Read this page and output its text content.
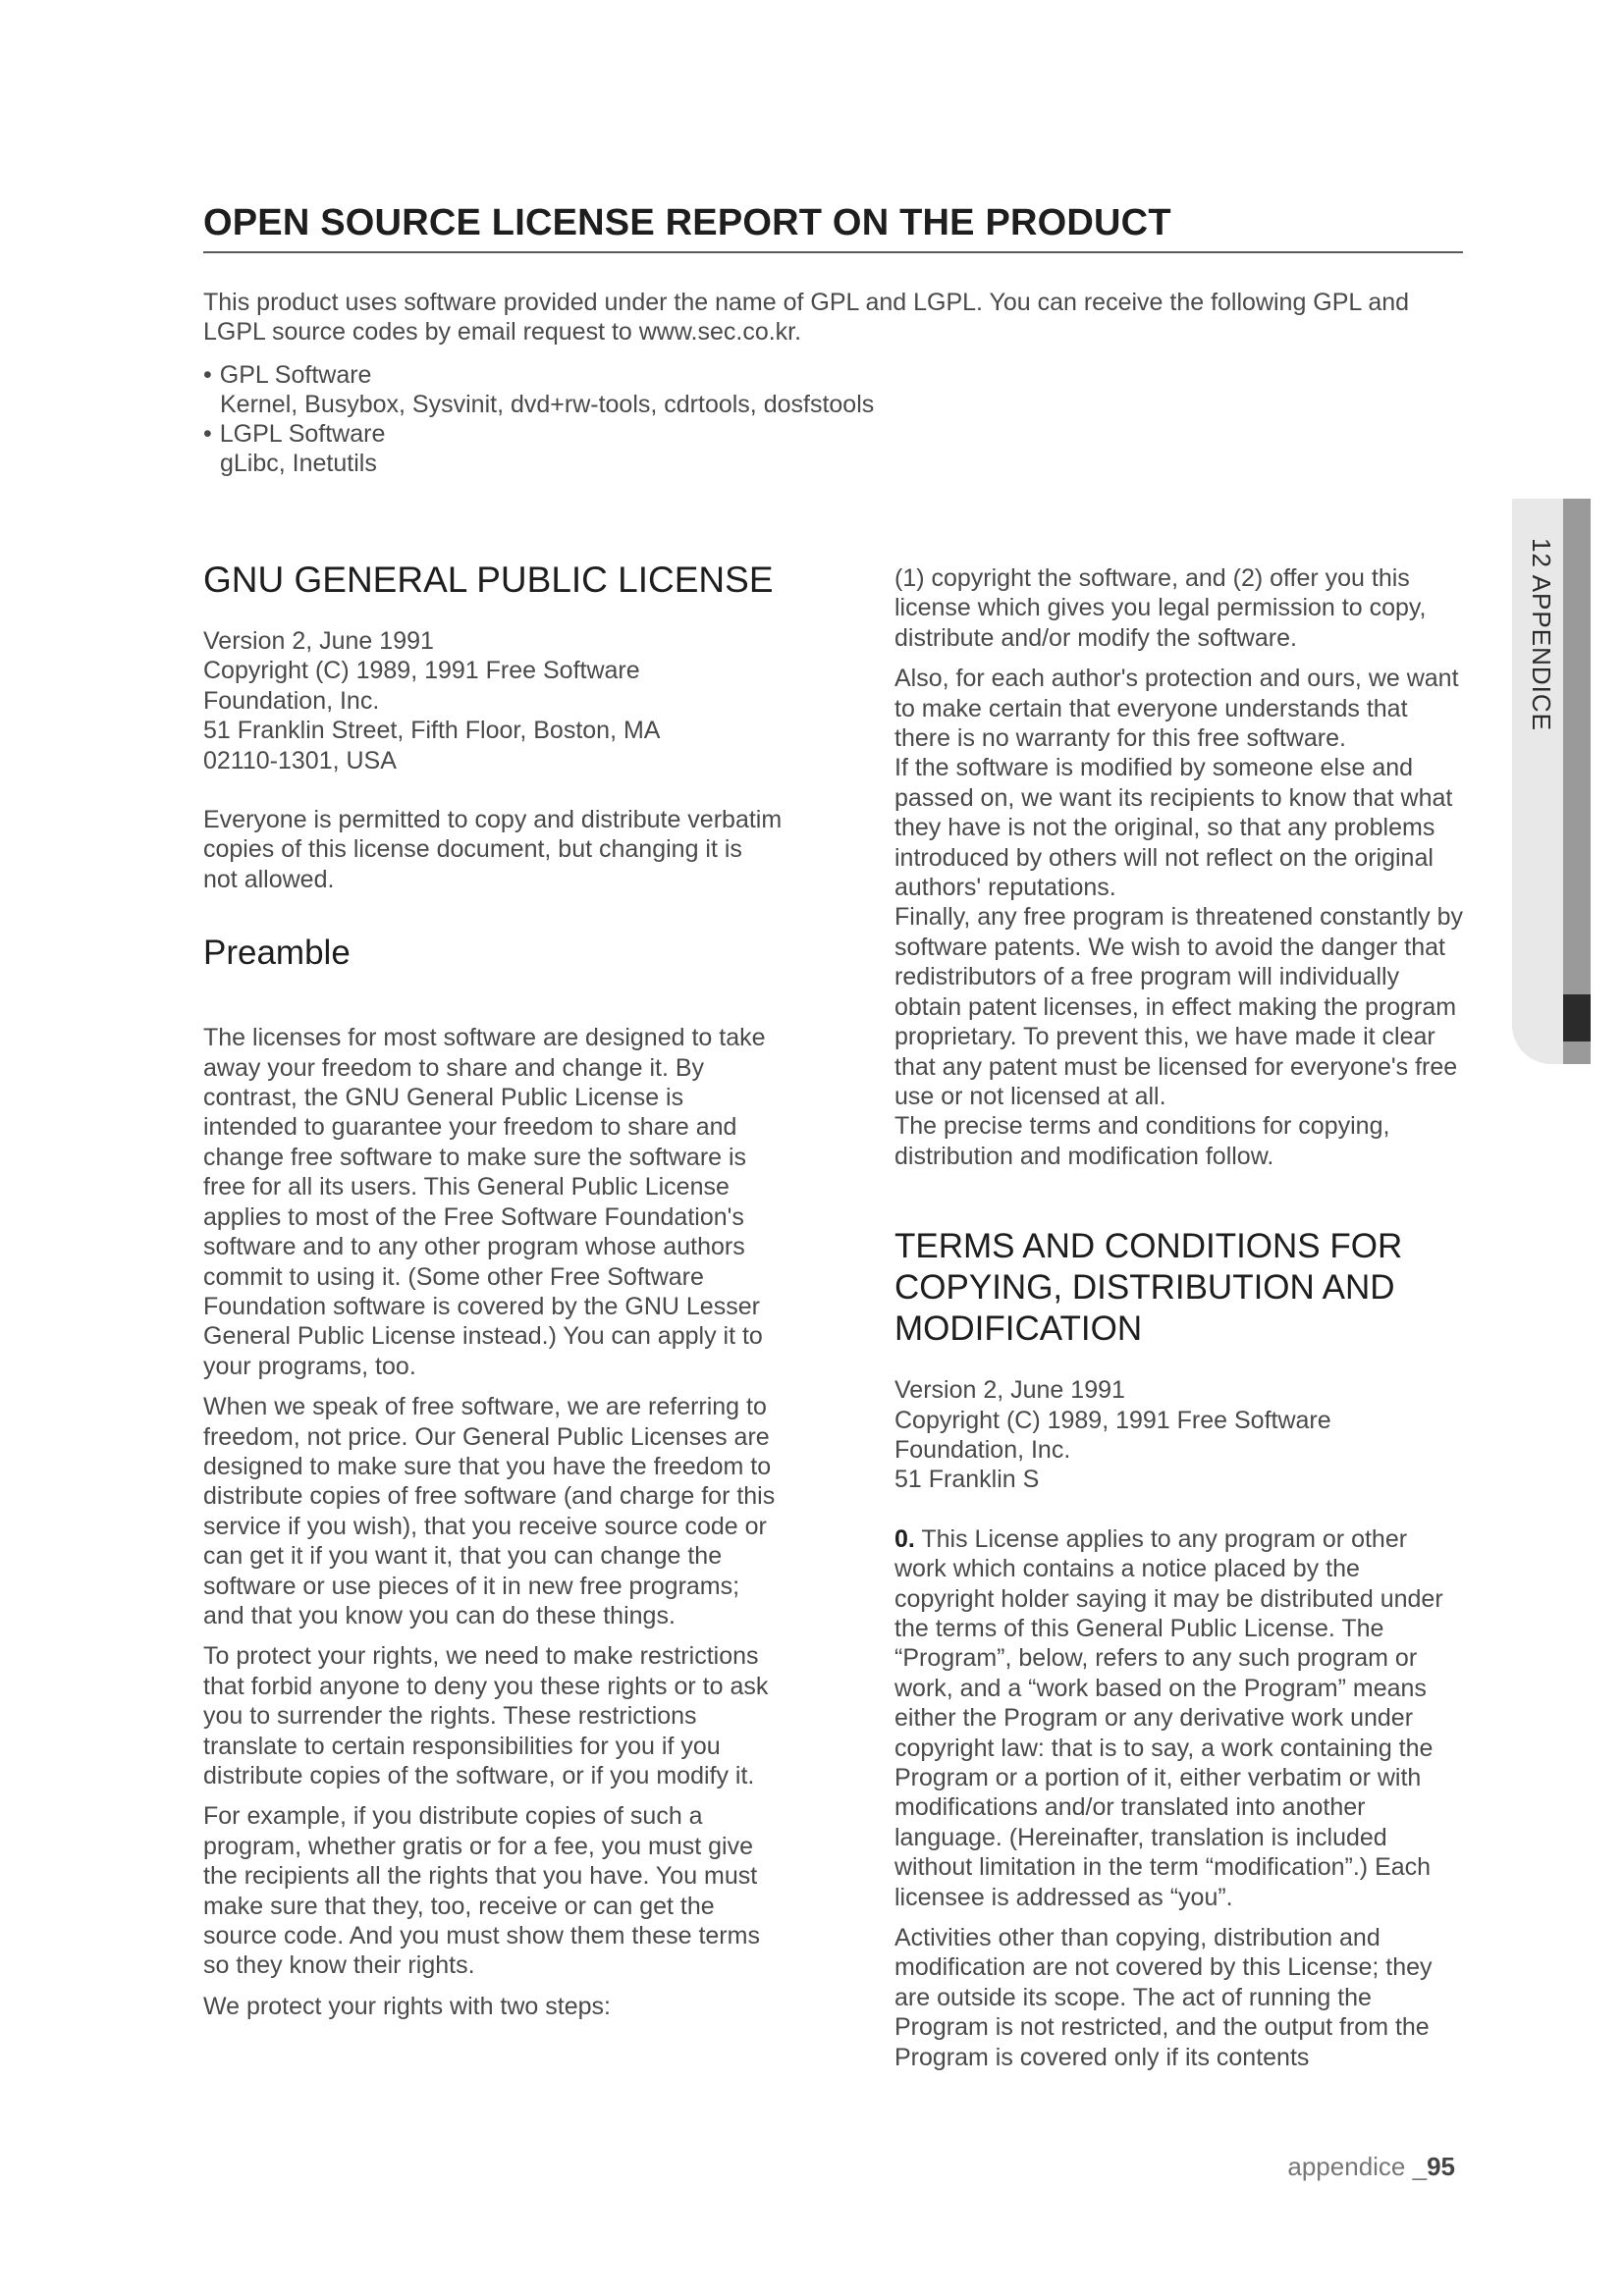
OPEN SOURCE LICENSE REPORT ON THE PRODUCT

This product uses software provided under the name of GPL and LGPL. You can receive the following GPL and LGPL source codes by email request to www.sec.co.kr.

• GPL Software
Kernel, Busybox, Sysvinit, dvd+rw-tools, cdrtools, dosfstools
• LGPL Software
gLibc, Inetutils
GNU GENERAL PUBLIC LICENSE
Version 2, June 1991
Copyright (C) 1989, 1991 Free Software
Foundation, Inc.
51 Franklin Street, Fifth Floor, Boston, MA
02110-1301, USA

Everyone is permitted to copy and distribute verbatim copies of this license document, but changing it is not allowed.

Preamble

The licenses for most software are designed to take away your freedom to share and change it. By contrast, the GNU General Public License is intended to guarantee your freedom to share and change free software to make sure the software is free for all its users. This General Public License applies to most of the Free Software Foundation's software and to any other program whose authors commit to using it. (Some other Free Software Foundation software is covered by the GNU Lesser General Public License instead.) You can apply it to your programs, too.

When we speak of free software, we are referring to freedom, not price. Our General Public Licenses are designed to make sure that you have the freedom to distribute copies of free software (and charge for this service if you wish), that you receive source code or can get it if you want it, that you can change the software or use pieces of it in new free programs; and that you know you can do these things.

To protect your rights, we need to make restrictions that forbid anyone to deny you these rights or to ask you to surrender the rights. These restrictions translate to certain responsibilities for you if you distribute copies of the software, or if you modify it.

For example, if you distribute copies of such a program, whether gratis or for a fee, you must give the recipients all the rights that you have. You must make sure that they, too, receive or can get the source code. And you must show them these terms so they know their rights.

We protect your rights with two steps:

(1) copyright the software, and (2) offer you this license which gives you legal permission to copy, distribute and/or modify the software.

Also, for each author's protection and ours, we want to make certain that everyone understands that there is no warranty for this free software.
If the software is modified by someone else and passed on, we want its recipients to know that what they have is not the original, so that any problems introduced by others will not reflect on the original authors' reputations.
Finally, any free program is threatened constantly by software patents. We wish to avoid the danger that redistributors of a free program will individually obtain patent licenses, in effect making the program proprietary. To prevent this, we have made it clear that any patent must be licensed for everyone's free use or not licensed at all.
The precise terms and conditions for copying, distribution and modification follow.
TERMS AND CONDITIONS FOR COPYING, DISTRIBUTION AND MODIFICATION
Version 2, June 1991
Copyright (C) 1989, 1991 Free Software
Foundation, Inc.
51 Franklin S

0. This License applies to any program or other work which contains a notice placed by the copyright holder saying it may be distributed under the terms of this General Public License. The “Program”, below, refers to any such program or work, and a “work based on the Program” means either the Program or any derivative work under copyright law: that is to say, a work containing the Program or a portion of it, either verbatim or with modifications and/or translated into another language. (Hereinafter, translation is included without limitation in the term “modification”.) Each licensee is addressed as “you”.

Activities other than copying, distribution and modification are not covered by this License; they are outside its scope. The act of running the Program is not restricted, and the output from the Program is covered only if its contents

12 APPENDICE
appendice _95
